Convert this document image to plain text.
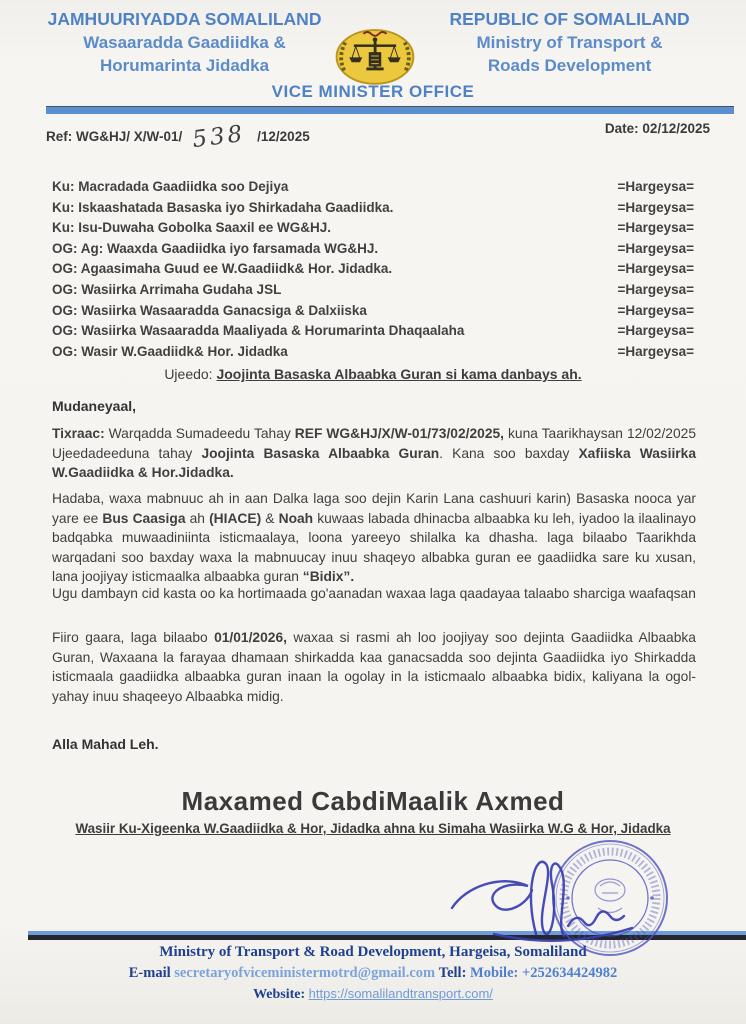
JAMHUURIYADDA SOMALILAND
Wasaaradda Gaadiidka &
Horumarinta Jidadka
REPUBLIC OF SOMALILAND
Ministry of Transport &
Roads Development
VICE MINISTER OFFICE
Ref: WG&HJ/ X/W-01/ 538 /12/2025
Date: 02/12/2025
Ku: Macradada Gaadiidka soo Dejiya	=Hargeysa=
Ku: Iskaashatada Basaska iyo Shirkadaha Gaadiidka.	=Hargeysa=
Ku: Isu-Duwaha Gobolka Saaxil ee WG&HJ.	=Hargeysa=
OG: Ag: Waaxda Gaadiidka iyo farsamada WG&HJ.	=Hargeysa=
OG: Agaasimaha Guud ee W.Gaadiidk& Hor. Jidadka.	=Hargeysa=
OG: Wasiirka Arrimaha Gudaha JSL	=Hargeysa=
OG: Wasiirka Wasaaradda Ganacsiga & Dalxiiska	=Hargeysa=
OG: Wasiirka Wasaaradda Maaliyada & Horumarinta Dhaqaalaha	=Hargeysa=
OG: Wasir W.Gaadiidk& Hor. Jidadka	=Hargeysa=
Ujeedo: Joojinta Basaska Albaabka Guran si kama danbays ah.
Mudaneyaal,

Tixraac: Warqadda Sumadeedu Tahay REF WG&HJ/X/W-01/73/02/2025, kuna Taarikhaysan 12/02/2025 Ujeedadeeduna tahay Joojinta Basaska Albaabka Guran. Kana soo baxday Xafiiska Wasiirka W.Gaadiidka & Hor.Jidadka.

Hadaba, waxa mabnuuc ah in aan Dalka laga soo dejin Karin Lana cashuuri karin) Basaska nooca yar yare ee Bus Caasiga ah (HIACE) & Noah kuwaas labada dhinacba albaabka ku leh, iyadoo la ilaalinayo badqabka muwaadiniinta isticmaalaya, loona yareeyo shilalka ka dhasha. laga bilaabo Taarikhda warqadani soo baxday waxa la mabnuucay inuu shaqeyo albabka guran ee gaadiidka sare ku xusan, lana joojiyay isticmaalka albaabka guran “Bidix”.

Ugu dambayn cid kasta oo ka hortimaada go'aanadan waxaa laga qaadayaa talaabo sharciga waafaqsan

Fiiro gaara, laga bilaabo 01/01/2026, waxaa si rasmi ah loo joojiyay soo dejinta Gaadiidka Albaabka Guran, Waxaana la farayaa dhamaan shirkadda kaa ganacsadda soo dejinta Gaadiidka iyo Shirkadda isticmaala gaadiidka albaabka guran inaan la ogolay in la isticmaalo albaabka bidix, kaliyana la ogol-yahay inuu shaqeeyo Albaabka midig.

Alla Mahad Leh.
Maxamed CabdiMaalik Axmed
Wasiir Ku-Xigeenka W.Gaadiidka & Hor, Jidadka ahna ku Simaha Wasiirka W.G & Hor, Jidadka
Ministry of Transport & Road Development, Hargeisa, Somaliland
E-mail secretaryofviceministermotrd@gmail.com Tell: Mobile: +252634424982
Website: https://somalilandtransport.com/
